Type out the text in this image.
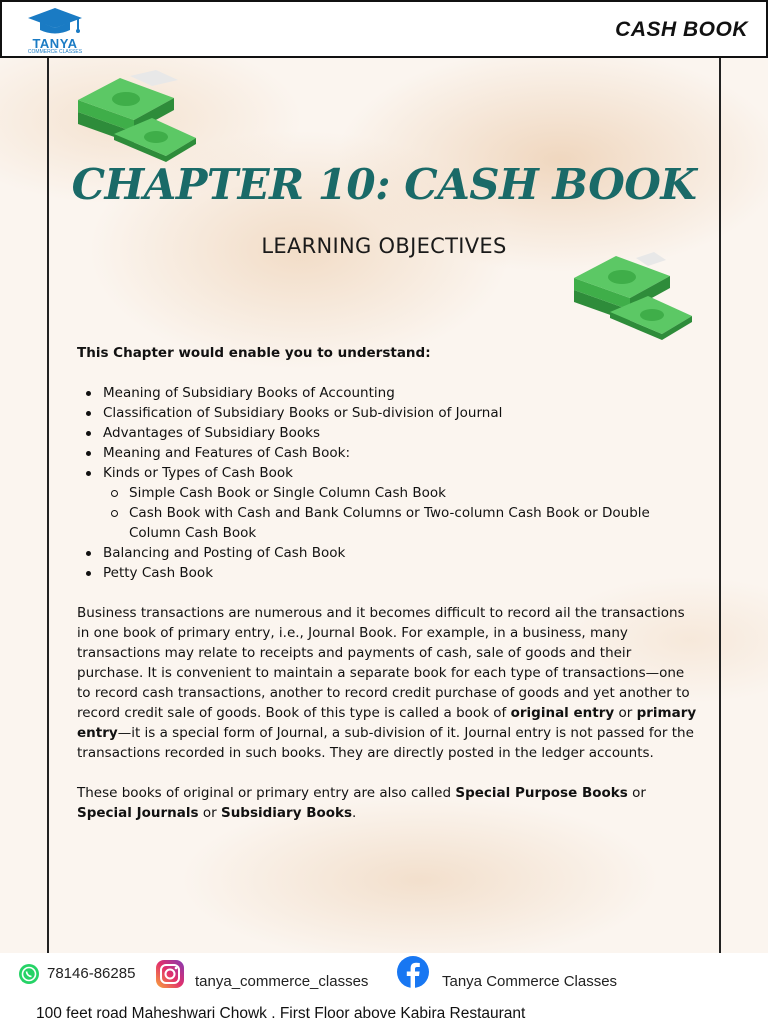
TANYA
COMMERCE CLASSES
CASH BOOK
CHAPTER 10: CASH BOOK
LEARNING OBJECTIVES
This Chapter would enable you to understand:
Meaning of Subsidiary Books of Accounting
Classification of Subsidiary Books or Sub-division of Journal
Advantages of Subsidiary Books
Meaning and Features of Cash Book:
Kinds or Types of Cash Book
Simple Cash Book or Single Column Cash Book
Cash Book with Cash and Bank Columns or Two-column Cash Book or Double Column Cash Book
Balancing and Posting of Cash Book
Petty Cash Book

Business transactions are numerous and it becomes difficult to record ail the transactions in one book of primary entry, i.e., Journal Book. For example, in a business, many transactions may relate to receipts and payments of cash, sale of goods and their purchase. It is convenient to maintain a separate book for each type of transactions—one to record cash transactions, another to record credit purchase of goods and yet another to record credit sale of goods. Book of this type is called a book of original entry or primary entry—it is a special form of Journal, a sub-division of it. Journal entry is not passed for the transactions recorded in such books. They are directly posted in the ledger accounts.

These books of original or primary entry are also called Special Purpose Books or Special Journals or Subsidiary Books.

78146-86285	tanya_commerce_classes	Tanya Commerce Classes
100 feet road Maheshwari Chowk . First Floor above Kabira Restaurant
